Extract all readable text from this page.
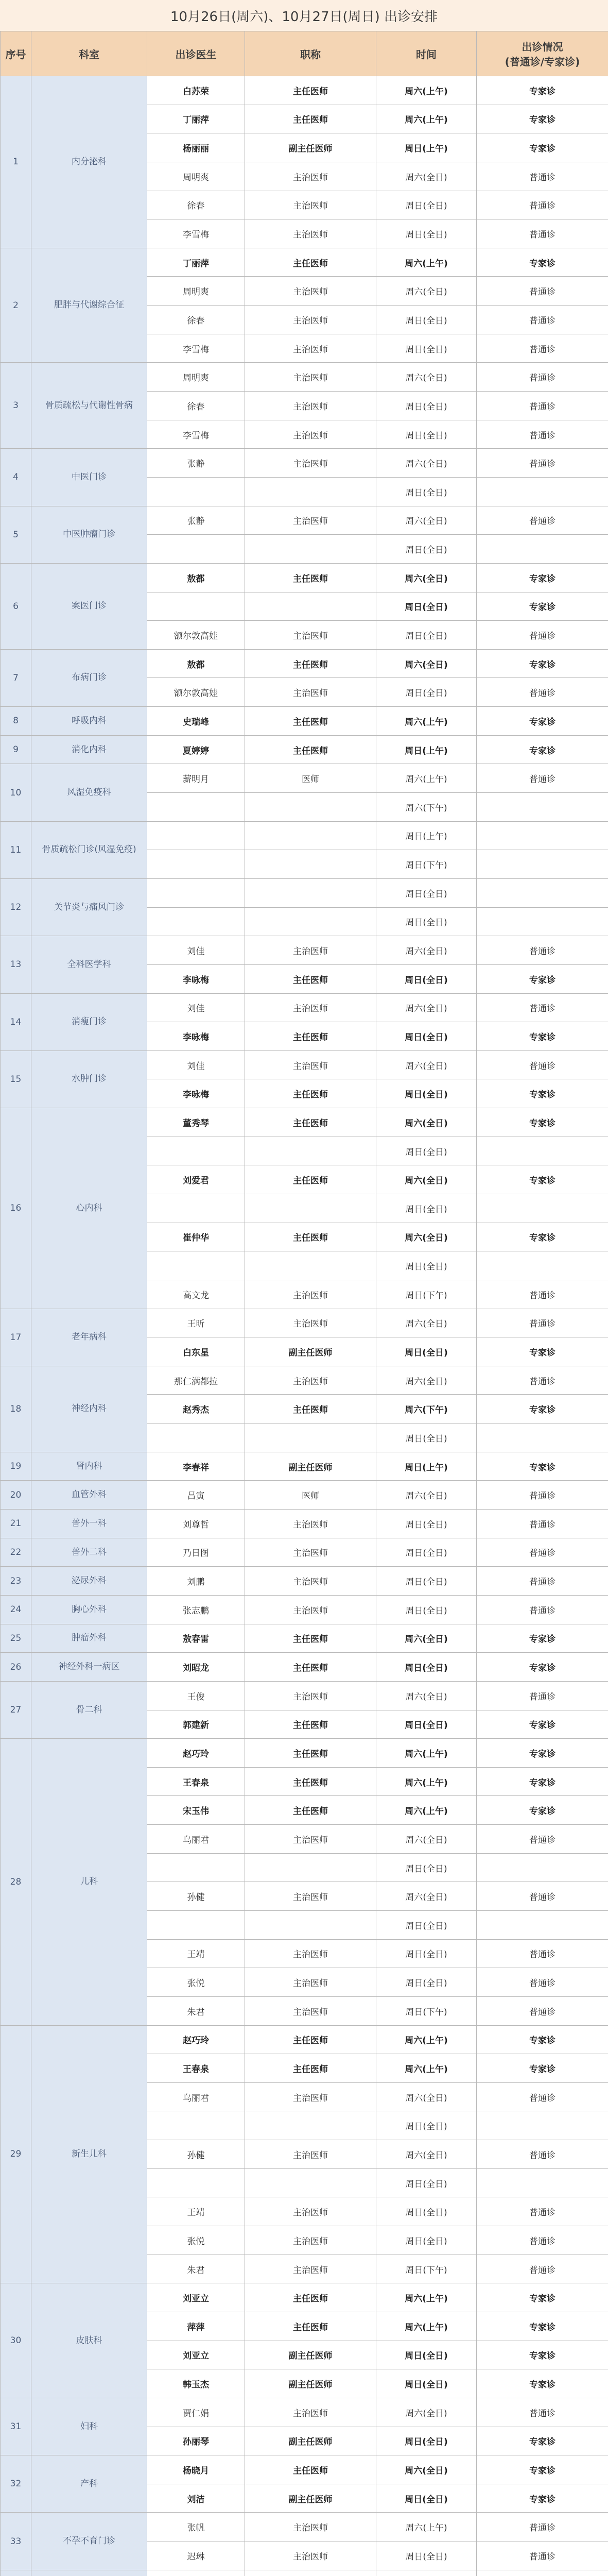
10月26日(周六)、10月27日(周日) 出诊安排
序号	科室	出诊医生	职称	时间	出诊情况
(普通诊/专家诊)
1	内分泌科	白苏荣	主任医师	周六(上午)	专家诊
		丁丽萍	主任医师	周六(上午)	专家诊
		杨丽丽	副主任医师	周日(上午)	专家诊
		周明爽	主治医师	周六(全日)	普通诊
		徐春	主治医师	周日(全日)	普通诊
		李雪梅	主治医师	周日(全日)	普通诊
2	肥胖与代谢综合征	丁丽萍	主任医师	周六(上午)	专家诊
		周明爽	主治医师	周六(全日)	普通诊
		徐春	主治医师	周日(全日)	普通诊
		李雪梅	主治医师	周日(全日)	普通诊
3	骨质疏松与代谢性骨病	周明爽	主治医师	周六(全日)	普通诊
		徐春	主治医师	周日(全日)	普通诊
		李雪梅	主治医师	周日(全日)	普通诊
4	中医门诊	张静	主治医师	周六(全日)	普通诊
				周日(全日)	
5	中医肿瘤门诊	张静	主治医师	周六(全日)	普通诊
				周日(全日)	
6	案医门诊	敖都	主任医师	周六(全日)	专家诊
				周日(全日)	专家诊
		额尔敦高娃	主治医师	周日(全日)	普通诊
7	布病门诊	敖都	主任医师	周六(全日)	专家诊
		额尔敦高娃	主治医师	周日(全日)	普通诊
8	呼吸内科	史瑞峰	主任医师	周六(上午)	专家诊
9	消化内科	夏婷婷	主任医师	周日(上午)	专家诊
10	风湿免疫科	薪明月	医师	周六(上午)	普通诊
				周六(下午)	
11	骨质疏松门诊(风湿免疫)			周日(上午)	
				周日(下午)	
12	关节炎与痛风门诊			周日(全日)	
				周日(全日)	
13	全科医学科	刘佳	主治医师	周六(全日)	普通诊
		李咏梅	主任医师	周日(全日)	专家诊
14	消瘦门诊	刘佳	主治医师	周六(全日)	普通诊
		李咏梅	主任医师	周日(全日)	专家诊
15	水肿门诊	刘佳	主治医师	周六(全日)	普通诊
		李咏梅	主任医师	周日(全日)	专家诊
16	心内科	董秀琴	主任医师	周六(全日)	专家诊
				周日(全日)	
		刘爱君	主任医师	周六(全日)	专家诊
				周日(全日)	
		崔仲华	主任医师	周六(全日)	专家诊
				周日(全日)	
		高文龙	主治医师	周日(下午)	普通诊
17	老年病科	王昕	主治医师	周六(全日)	普通诊
		白东星	副主任医师	周日(全日)	专家诊
18	神经内科	那仁满都拉	主治医师	周六(全日)	普通诊
		赵秀杰	主任医师	周六(下午)	专家诊
				周日(全日)	
19	肾内科	李春祥	副主任医师	周日(上午)	专家诊
20	血管外科	吕寅	医师	周六(全日)	普通诊
21	普外一科	刘尊哲	主治医师	周日(全日)	普通诊
22	普外二科	乃日图	主治医师	周日(全日)	普通诊
23	泌尿外科	刘鹏	主治医师	周日(全日)	普通诊
24	胸心外科	张志鹏	主治医师	周日(全日)	普通诊
25	肿瘤外科	敖春雷	主任医师	周六(全日)	专家诊
26	神经外科一病区	刘昭龙	主任医师	周日(全日)	专家诊
27	骨二科	王俊	主治医师	周六(全日)	普通诊
		郭建新	主任医师	周日(全日)	专家诊
28	儿科	赵巧玲	主任医师	周六(上午)	专家诊
		王春泉	主任医师	周六(上午)	专家诊
		宋玉伟	主任医师	周六(上午)	专家诊
		乌丽君	主治医师	周六(全日)	普通诊
				周日(全日)	
		孙健	主治医师	周六(全日)	普通诊
				周日(全日)	
		王靖	主治医师	周日(全日)	普通诊
		张悦	主治医师	周日(全日)	普通诊
		朱君	主治医师	周日(下午)	普通诊
29	新生儿科	赵巧玲	主任医师	周六(上午)	专家诊
		王春泉	主任医师	周六(上午)	专家诊
		乌丽君	主治医师	周六(全日)	普通诊
				周日(全日)	
		孙健	主治医师	周六(全日)	普通诊
				周日(全日)	
		王靖	主治医师	周日(全日)	普通诊
		张悦	主治医师	周日(全日)	普通诊
		朱君	主治医师	周日(下午)	普通诊
30	皮肤科	刘亚立	主任医师	周六(上午)	专家诊
		萍萍	主任医师	周六(上午)	专家诊
		刘亚立	副主任医师	周日(全日)	专家诊
		韩玉杰	副主任医师	周日(全日)	专家诊
31	妇科	贾仁娟	主治医师	周六(全日)	普通诊
		孙丽琴	副主任医师	周日(全日)	专家诊
32	产科	杨晓月	主任医师	周六(全日)	专家诊
		刘洁	副主任医师	周日(全日)	专家诊
33	不孕不育门诊	张帆	主治医师	周六(上午)	普通诊
		迟琳	主治医师	周日(全日)	普通诊
